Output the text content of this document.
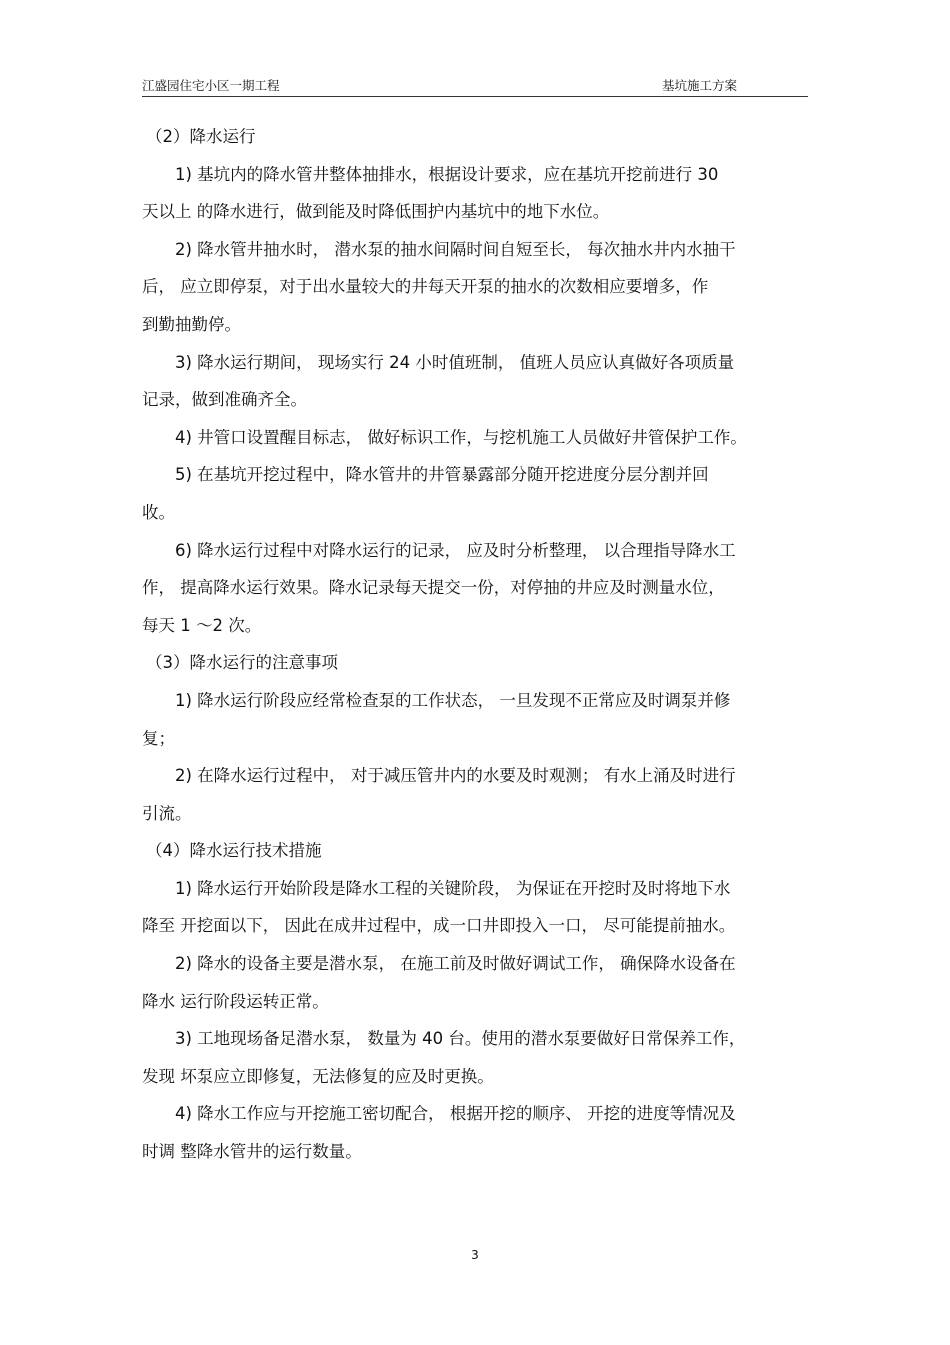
江盛园住宅小区一期工程	基坑施工方案
（2）降水运行
1) 基坑内的降水管井整体抽排水，根据设计要求，应在基坑开挖前进行 30
天以上 的降水进行，做到能及时降低围护内基坑中的地下水位。
2) 降水管井抽水时， 潜水泵的抽水间隔时间自短至长， 每次抽水井内水抽干
后， 应立即停泵，对于出水量较大的井每天开泵的抽水的次数相应要增多，作
到勤抽勤停。
3) 降水运行期间， 现场实行 24 小时值班制， 值班人员应认真做好各项质量
记录，做到准确齐全。
4) 井管口设置醒目标志， 做好标识工作，与挖机施工人员做好井管保护工作。
5) 在基坑开挖过程中，降水管井的井管暴露部分随开挖进度分层分割并回
收。
6) 降水运行过程中对降水运行的记录， 应及时分析整理， 以合理指导降水工
作， 提高降水运行效果。降水记录每天提交一份，对停抽的井应及时测量水位，
每天 1 ～2 次。
（3）降水运行的注意事项
1) 降水运行阶段应经常检查泵的工作状态， 一旦发现不正常应及时调泵并修
复；
2) 在降水运行过程中， 对于减压管井内的水要及时观测； 有水上涌及时进行
引流。
（4）降水运行技术措施
1) 降水运行开始阶段是降水工程的关键阶段， 为保证在开挖时及时将地下水
降至 开挖面以下， 因此在成井过程中，成一口井即投入一口， 尽可能提前抽水。
2) 降水的设备主要是潜水泵， 在施工前及时做好调试工作， 确保降水设备在
降水 运行阶段运转正常。
3) 工地现场备足潜水泵， 数量为 40 台。使用的潜水泵要做好日常保养工作，
发现 坏泵应立即修复，无法修复的应及时更换。
4) 降水工作应与开挖施工密切配合， 根据开挖的顺序、 开挖的进度等情况及
时调 整降水管井的运行数量。
3
